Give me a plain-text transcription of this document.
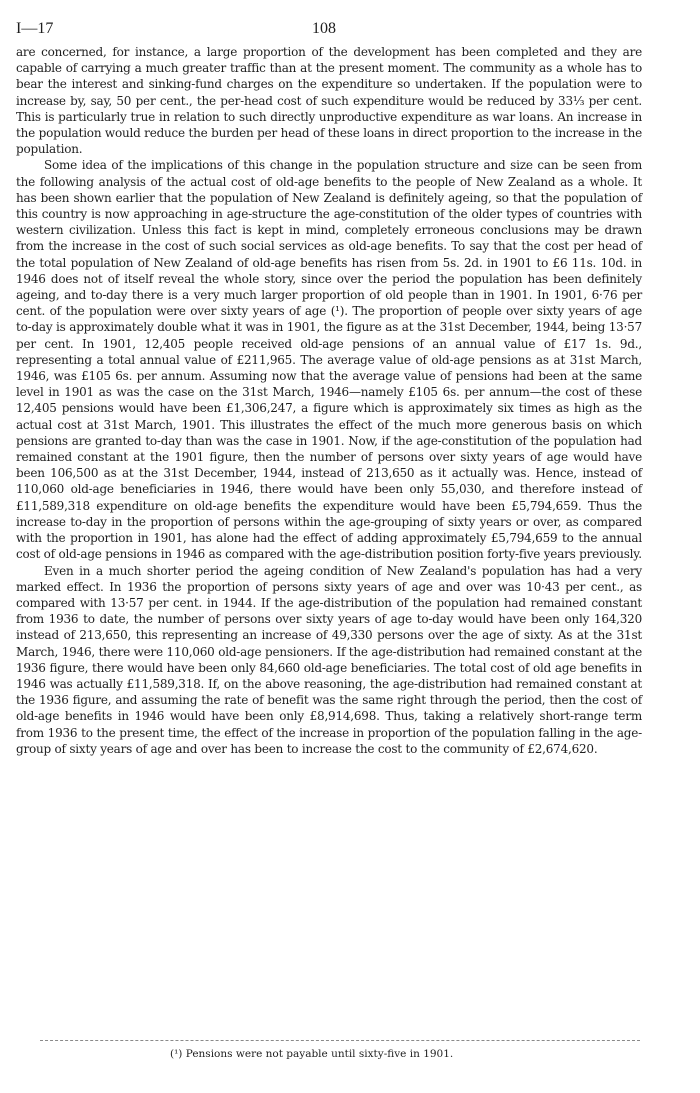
I—17	108

are concerned, for instance, a large proportion of the development has been completed and they are capable of carrying a much greater traffic than at the present moment. The community as a whole has to bear the interest and sinking-fund charges on the expenditure so undertaken. If the population were to increase by, say, 50 per cent., the per-head cost of such expenditure would be reduced by 33⅓ per cent. This is particularly true in relation to such directly unproductive expenditure as war loans. An increase in the population would reduce the burden per head of these loans in direct proportion to the increase in the population.

Some idea of the implications of this change in the population structure and size can be seen from the following analysis of the actual cost of old-age benefits to the people of New Zealand as a whole. It has been shown earlier that the population of New Zealand is definitely ageing, so that the population of this country is now approaching in age-structure the age-constitution of the older types of countries with western civilization. Unless this fact is kept in mind, completely erroneous conclusions may be drawn from the increase in the cost of such social services as old-age benefits. To say that the cost per head of the total population of New Zealand of old-age benefits has risen from 5s. 2d. in 1901 to £6 11s. 10d. in 1946 does not of itself reveal the whole story, since over the period the population has been definitely ageing, and to-day there is a very much larger proportion of old people than in 1901. In 1901, 6·76 per cent. of the population were over sixty years of age (¹). The proportion of people over sixty years of age to-day is approximately double what it was in 1901, the figure as at the 31st December, 1944, being 13·57 per cent. In 1901, 12,405 people received old-age pensions of an annual value of £17 1s. 9d., representing a total annual value of £211,965. The average value of old-age pensions as at 31st March, 1946, was £105 6s. per annum. Assuming now that the average value of pensions had been at the same level in 1901 as was the case on the 31st March, 1946—namely £105 6s. per annum—the cost of these 12,405 pensions would have been £1,306,247, a figure which is approximately six times as high as the actual cost at 31st March, 1901. This illustrates the effect of the much more generous basis on which pensions are granted to-day than was the case in 1901. Now, if the age-constitution of the population had remained constant at the 1901 figure, then the number of persons over sixty years of age would have been 106,500 as at the 31st December, 1944, instead of 213,650 as it actually was. Hence, instead of 110,060 old-age beneficiaries in 1946, there would have been only 55,030, and therefore instead of £11,589,318 expenditure on old-age benefits the expenditure would have been £5,794,659. Thus the increase to-day in the proportion of persons within the age-grouping of sixty years or over, as compared with the proportion in 1901, has alone had the effect of adding approximately £5,794,659 to the annual cost of old-age pensions in 1946 as compared with the age-distribution position forty-five years previously.

Even in a much shorter period the ageing condition of New Zealand's population has had a very marked effect. In 1936 the proportion of persons sixty years of age and over was 10·43 per cent., as compared with 13·57 per cent. in 1944. If the age-distribution of the population had remained constant from 1936 to date, the number of persons over sixty years of age to-day would have been only 164,320 instead of 213,650, this representing an increase of 49,330 persons over the age of sixty. As at the 31st March, 1946, there were 110,060 old-age pensioners. If the age-distribution had remained constant at the 1936 figure, there would have been only 84,660 old-age beneficiaries. The total cost of old age benefits in 1946 was actually £11,589,318. If, on the above reasoning, the age-distribution had remained constant at the 1936 figure, and assuming the rate of benefit was the same right through the period, then the cost of old-age benefits in 1946 would have been only £8,914,698. Thus, taking a relatively short-range term from 1936 to the present time, the effect of the increase in proportion of the population falling in the age-group of sixty years of age and over has been to increase the cost to the community of £2,674,620.

(¹) Pensions were not payable until sixty-five in 1901.
